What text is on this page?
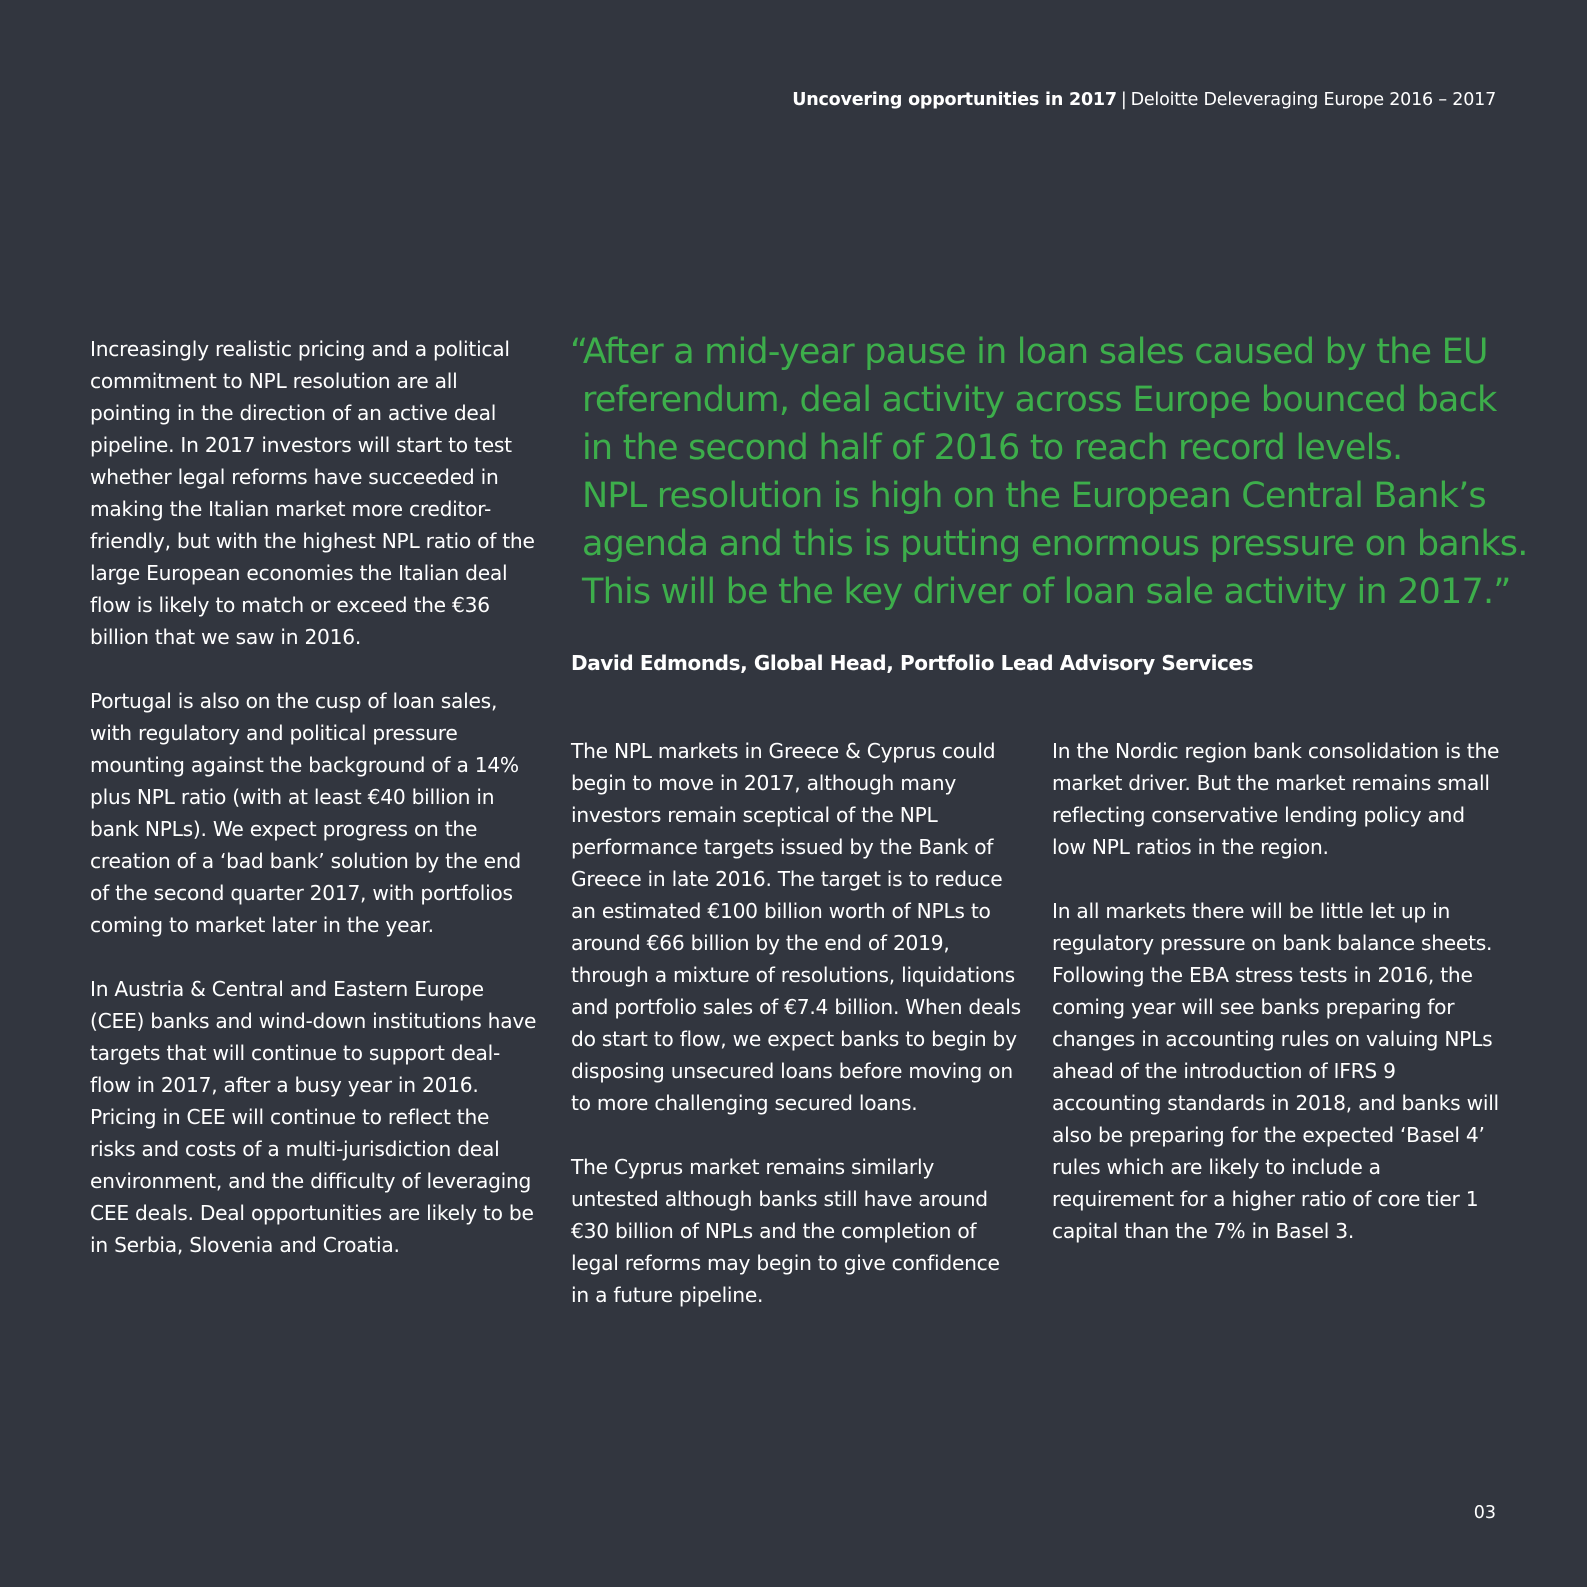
Uncovering opportunities in 2017 | Deloitte Deleveraging Europe 2016 – 2017

Increasingly realistic pricing and a political commitment to NPL resolution are all pointing in the direction of an active deal pipeline. In 2017 investors will start to test whether legal reforms have succeeded in making the Italian market more creditor-friendly, but with the highest NPL ratio of the large European economies the Italian deal flow is likely to match or exceed the €36 billion that we saw in 2016.

Portugal is also on the cusp of loan sales, with regulatory and political pressure mounting against the background of a 14% plus NPL ratio (with at least €40 billion in bank NPLs). We expect progress on the creation of a ‘bad bank’ solution by the end of the second quarter 2017, with portfolios coming to market later in the year.

In Austria & Central and Eastern Europe (CEE) banks and wind-down institutions have targets that will continue to support deal-flow in 2017, after a busy year in 2016. Pricing in CEE will continue to reflect the risks and costs of a multi-jurisdiction deal environment, and the difficulty of leveraging CEE deals. Deal opportunities are likely to be in Serbia, Slovenia and Croatia.

“After a mid-year pause in loan sales caused by the EU
referendum, deal activity across Europe bounced back
in the second half of 2016 to reach record levels.
NPL resolution is high on the European Central Bank’s
agenda and this is putting enormous pressure on banks.
This will be the key driver of loan sale activity in 2017.”
David Edmonds, Global Head, Portfolio Lead Advisory Services

The NPL markets in Greece & Cyprus could begin to move in 2017, although many investors remain sceptical of the NPL performance targets issued by the Bank of Greece in late 2016. The target is to reduce an estimated €100 billion worth of NPLs to around €66 billion by the end of 2019, through a mixture of resolutions, liquidations and portfolio sales of €7.4 billion. When deals do start to flow, we expect banks to begin by disposing unsecured loans before moving on to more challenging secured loans.

The Cyprus market remains similarly untested although banks still have around €30 billion of NPLs and the completion of legal reforms may begin to give confidence in a future pipeline.

In the Nordic region bank consolidation is the market driver. But the market remains small reflecting conservative lending policy and low NPL ratios in the region.

In all markets there will be little let up in regulatory pressure on bank balance sheets. Following the EBA stress tests in 2016, the coming year will see banks preparing for changes in accounting rules on valuing NPLs ahead of the introduction of IFRS 9 accounting standards in 2018, and banks will also be preparing for the expected ‘Basel 4’ rules which are likely to include a requirement for a higher ratio of core tier 1 capital than the 7% in Basel 3.

03
